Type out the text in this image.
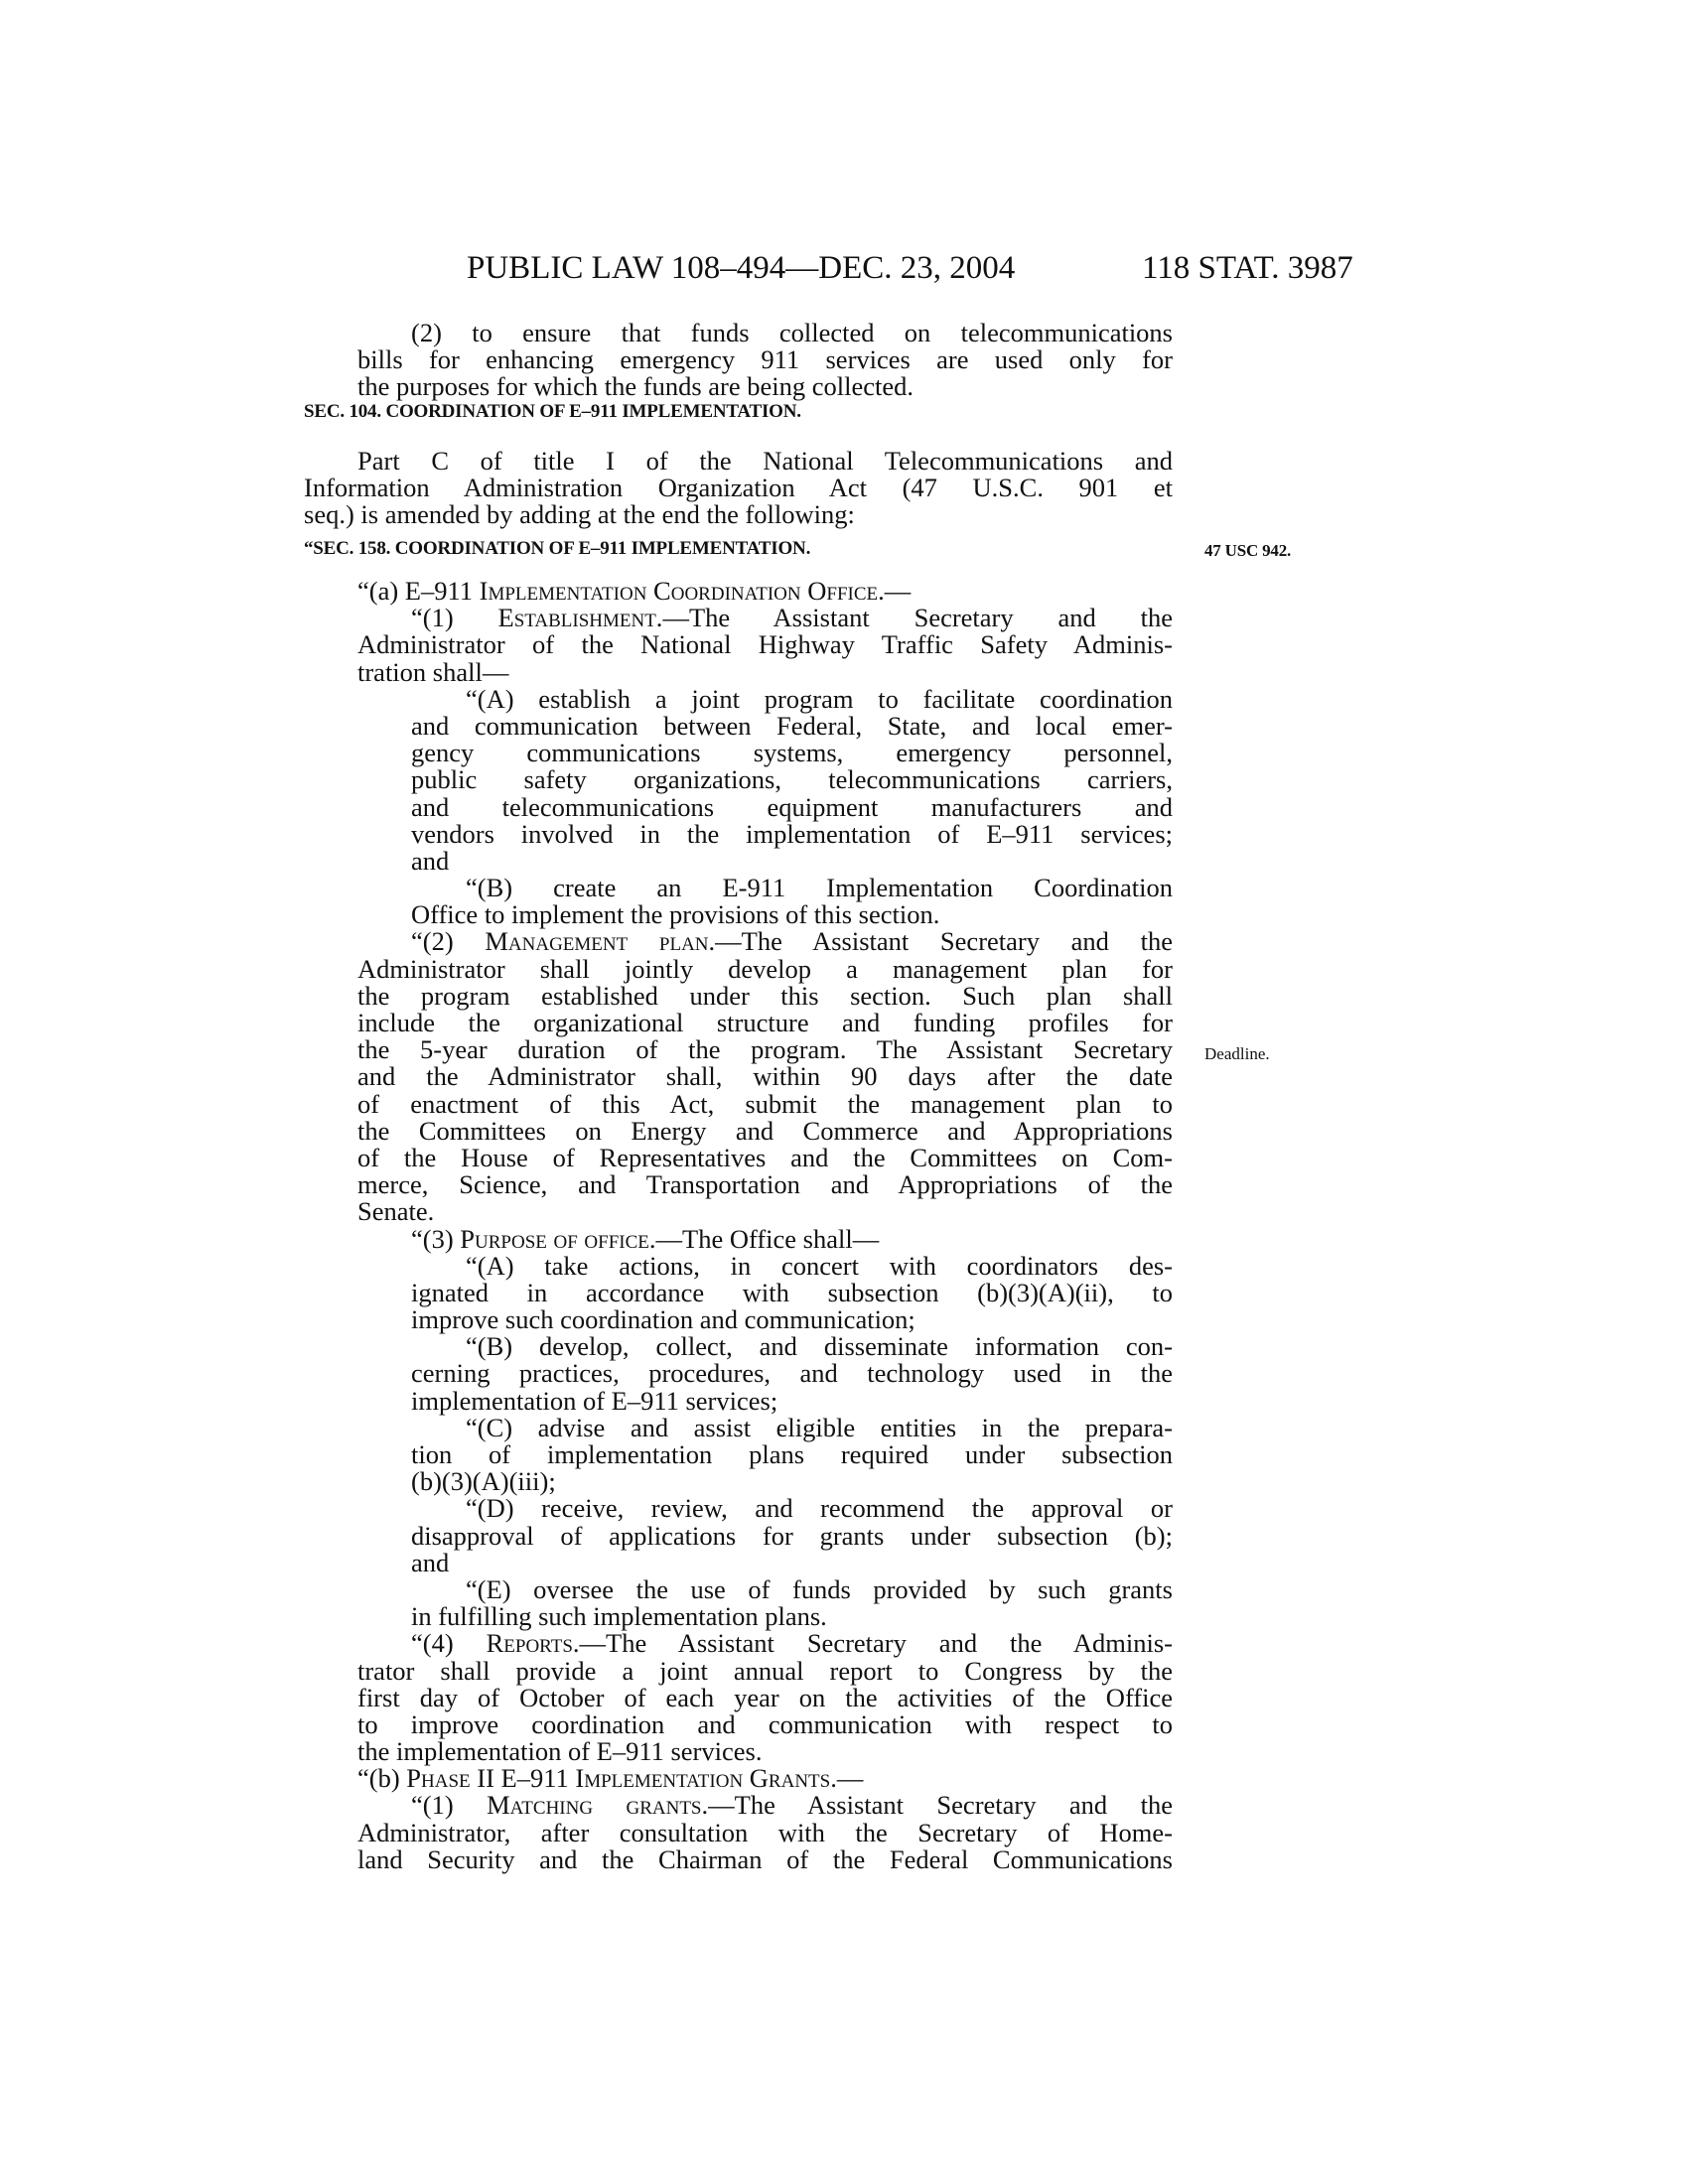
PUBLIC LAW 108–494—DEC. 23, 2004	118 STAT. 3987
(2) to ensure that funds collected on telecommunications
bills for enhancing emergency 911 services are used only for
the purposes for which the funds are being collected.
SEC. 104. COORDINATION OF E–911 IMPLEMENTATION.
Part C of title I of the National Telecommunications and
Information Administration Organization Act (47 U.S.C. 901 et
seq.) is amended by adding at the end the following:
“SEC. 158. COORDINATION OF E–911 IMPLEMENTATION.	47 USC 942.
“(a) E–911 Implementation Coordination Office.—
“(1) Establishment.—The Assistant Secretary and the
Administrator of the National Highway Traffic Safety Adminis-
tration shall—
“(A) establish a joint program to facilitate coordination
and communication between Federal, State, and local emer-
gency communications systems, emergency personnel,
public safety organizations, telecommunications carriers,
and telecommunications equipment manufacturers and
vendors involved in the implementation of E–911 services;
and
“(B) create an E-911 Implementation Coordination
Office to implement the provisions of this section.
“(2) Management plan.—The Assistant Secretary and the
Administrator shall jointly develop a management plan for
the program established under this section. Such plan shall
include the organizational structure and funding profiles for
the 5-year duration of the program. The Assistant Secretary Deadline.
and the Administrator shall, within 90 days after the date
of enactment of this Act, submit the management plan to
the Committees on Energy and Commerce and Appropriations
of the House of Representatives and the Committees on Com-
merce, Science, and Transportation and Appropriations of the
Senate.
“(3) Purpose of office.—The Office shall—
“(A) take actions, in concert with coordinators des-
ignated in accordance with subsection (b)(3)(A)(ii), to
improve such coordination and communication;
“(B) develop, collect, and disseminate information con-
cerning practices, procedures, and technology used in the
implementation of E–911 services;
“(C) advise and assist eligible entities in the prepara-
tion of implementation plans required under subsection
(b)(3)(A)(iii);
“(D) receive, review, and recommend the approval or
disapproval of applications for grants under subsection (b);
and
“(E) oversee the use of funds provided by such grants
in fulfilling such implementation plans.
“(4) Reports.—The Assistant Secretary and the Adminis-
trator shall provide a joint annual report to Congress by the
first day of October of each year on the activities of the Office
to improve coordination and communication with respect to
the implementation of E–911 services.
“(b) Phase II E–911 Implementation Grants.—
“(1) Matching grants.—The Assistant Secretary and the
Administrator, after consultation with the Secretary of Home-
land Security and the Chairman of the Federal Communications
